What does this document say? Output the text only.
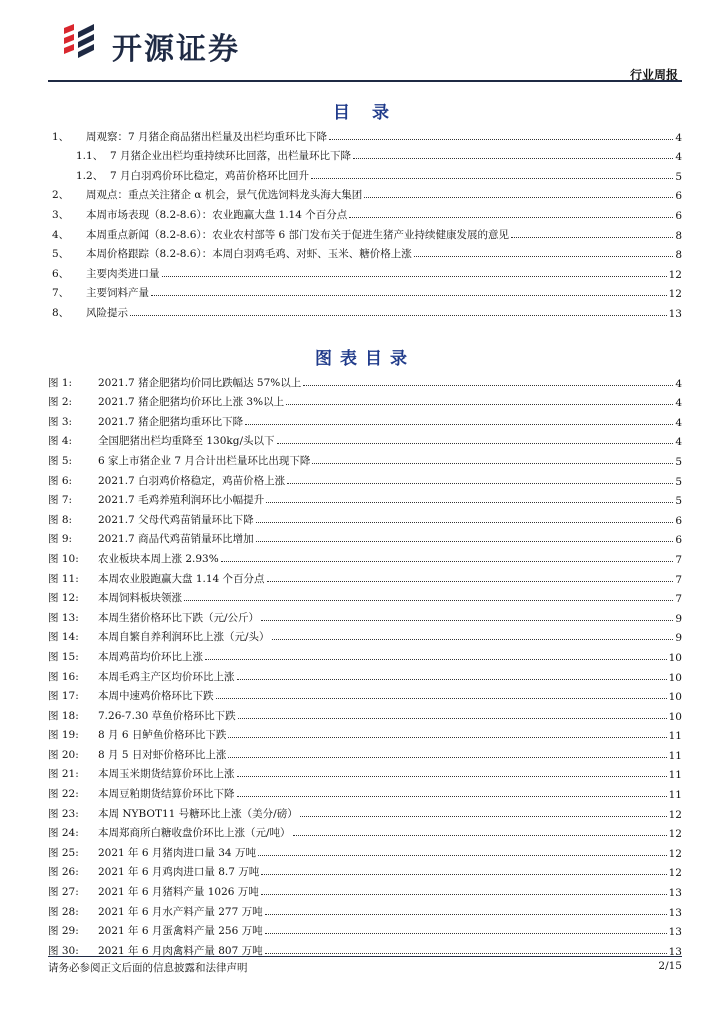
开源证券
行业周报
目 录
1、	周观察：7 月猪企商品猪出栏量及出栏均重环比下降	4
1.1、 7 月猪企业出栏均重持续环比回落，出栏量环比下降	4
1.2、 7 月白羽鸡价环比稳定，鸡苗价格环比回升	5
2、	周观点：重点关注猪企 α 机会，景气优选饲料龙头海大集团	6
3、	本周市场表现（8.2-8.6）：农业跑赢大盘 1.14 个百分点	6
4、	本周重点新闻（8.2-8.6）：农业农村部等 6 部门发布关于促进生猪产业持续健康发展的意见	8
5、	本周价格跟踪（8.2-8.6）：本周白羽鸡毛鸡、对虾、玉米、糖价格上涨	8
6、	主要肉类进口量	12
7、	主要饲料产量	12
8、	风险提示	13
图表目录
图 1:	2021.7 猪企肥猪均价同比跌幅达 57%以上	4
图 2:	2021.7 猪企肥猪均价环比上涨 3%以上	4
图 3:	2021.7 猪企肥猪均重环比下降	4
图 4:	全国肥猪出栏均重降至 130kg/头以下	4
图 5:	6 家上市猪企业 7 月合计出栏量环比出现下降	5
图 6:	2021.7 白羽鸡价格稳定，鸡苗价格上涨	5
图 7:	2021.7 毛鸡养殖利润环比小幅提升	5
图 8:	2021.7 父母代鸡苗销量环比下降	6
图 9:	2021.7 商品代鸡苗销量环比增加	6
图 10:	农业板块本周上涨 2.93%	7
图 11:	本周农业股跑赢大盘 1.14 个百分点	7
图 12:	本周饲料板块领涨	7
图 13:	本周生猪价格环比下跌（元/公斤）	9
图 14:	本周自繁自养利润环比上涨（元/头）	9
图 15:	本周鸡苗均价环比上涨	10
图 16:	本周毛鸡主产区均价环比上涨	10
图 17:	本周中速鸡价格环比下跌	10
图 18:	7.26-7.30 草鱼价格环比下跌	10
图 19:	8 月 6 日鲈鱼价格环比下跌	11
图 20:	8 月 5 日对虾价格环比上涨	11
图 21:	本周玉米期货结算价环比上涨	11
图 22:	本周豆粕期货结算价环比下降	11
图 23:	本周 NYBOT11 号糖环比上涨（美分/磅）	12
图 24:	本周郑商所白糖收盘价环比上涨（元/吨）	12
图 25:	2021 年 6 月猪肉进口量 34 万吨	12
图 26:	2021 年 6 月鸡肉进口量 8.7 万吨	12
图 27:	2021 年 6 月猪料产量 1026 万吨	13
图 28:	2021 年 6 月水产料产量 277 万吨	13
图 29:	2021 年 6 月蛋禽料产量 256 万吨	13
图 30:	2021 年 6 月肉禽料产量 807 万吨	13
请务必参阅正文后面的信息披露和法律声明	2/15
